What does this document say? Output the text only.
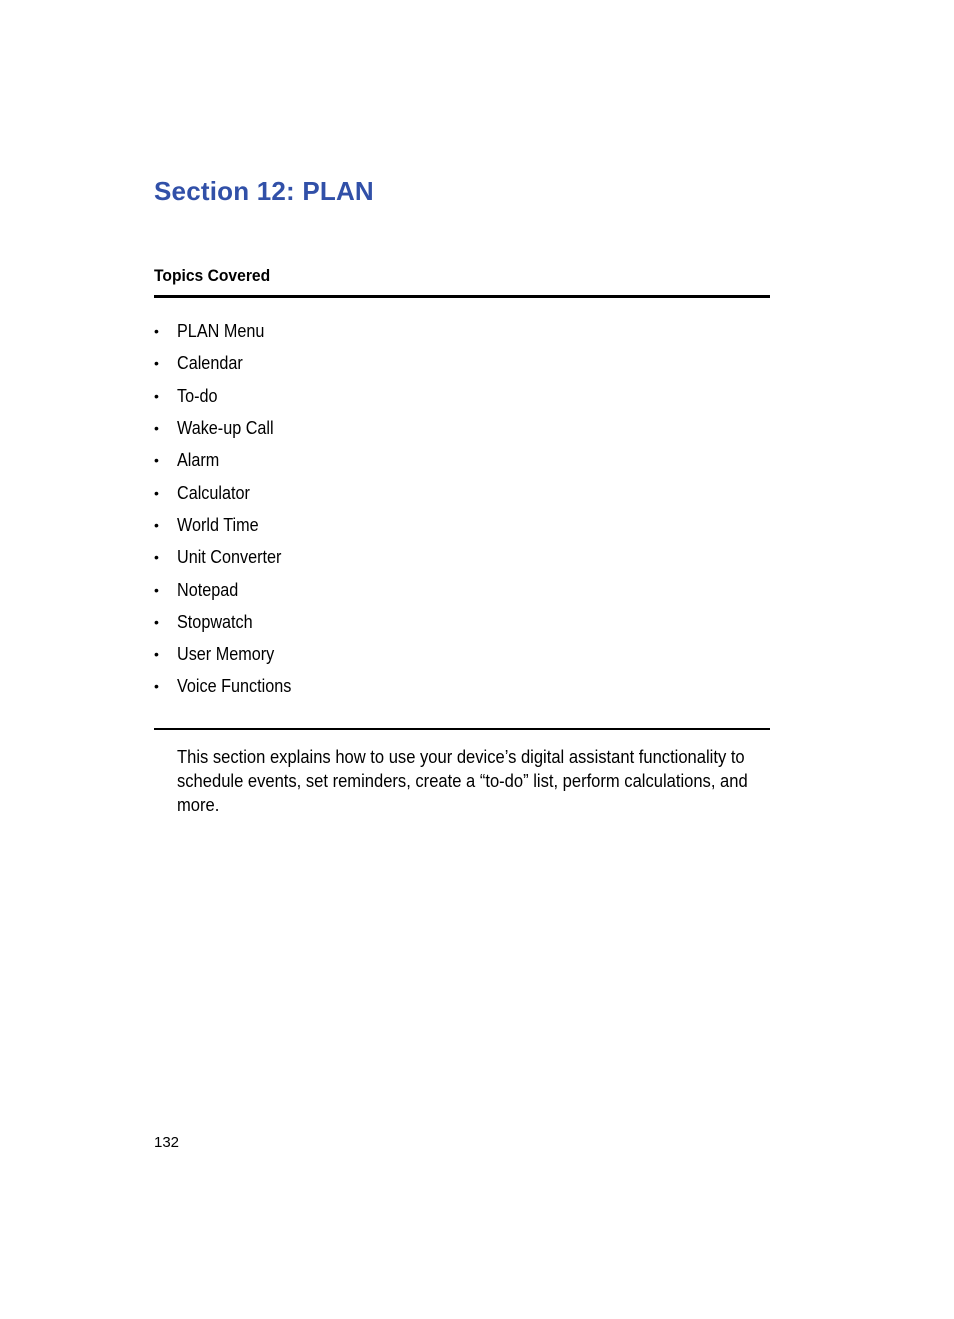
Section 12: PLAN
Topics Covered
•	PLAN Menu
•	Calendar
•	To-do
•	Wake-up Call
•	Alarm
•	Calculator
•	World Time
•	Unit Converter
•	Notepad
•	Stopwatch
•	User Memory
•	Voice Functions

This section explains how to use your device’s digital assistant functionality to schedule events, set reminders, create a “to-do” list, perform calculations, and more.

132
